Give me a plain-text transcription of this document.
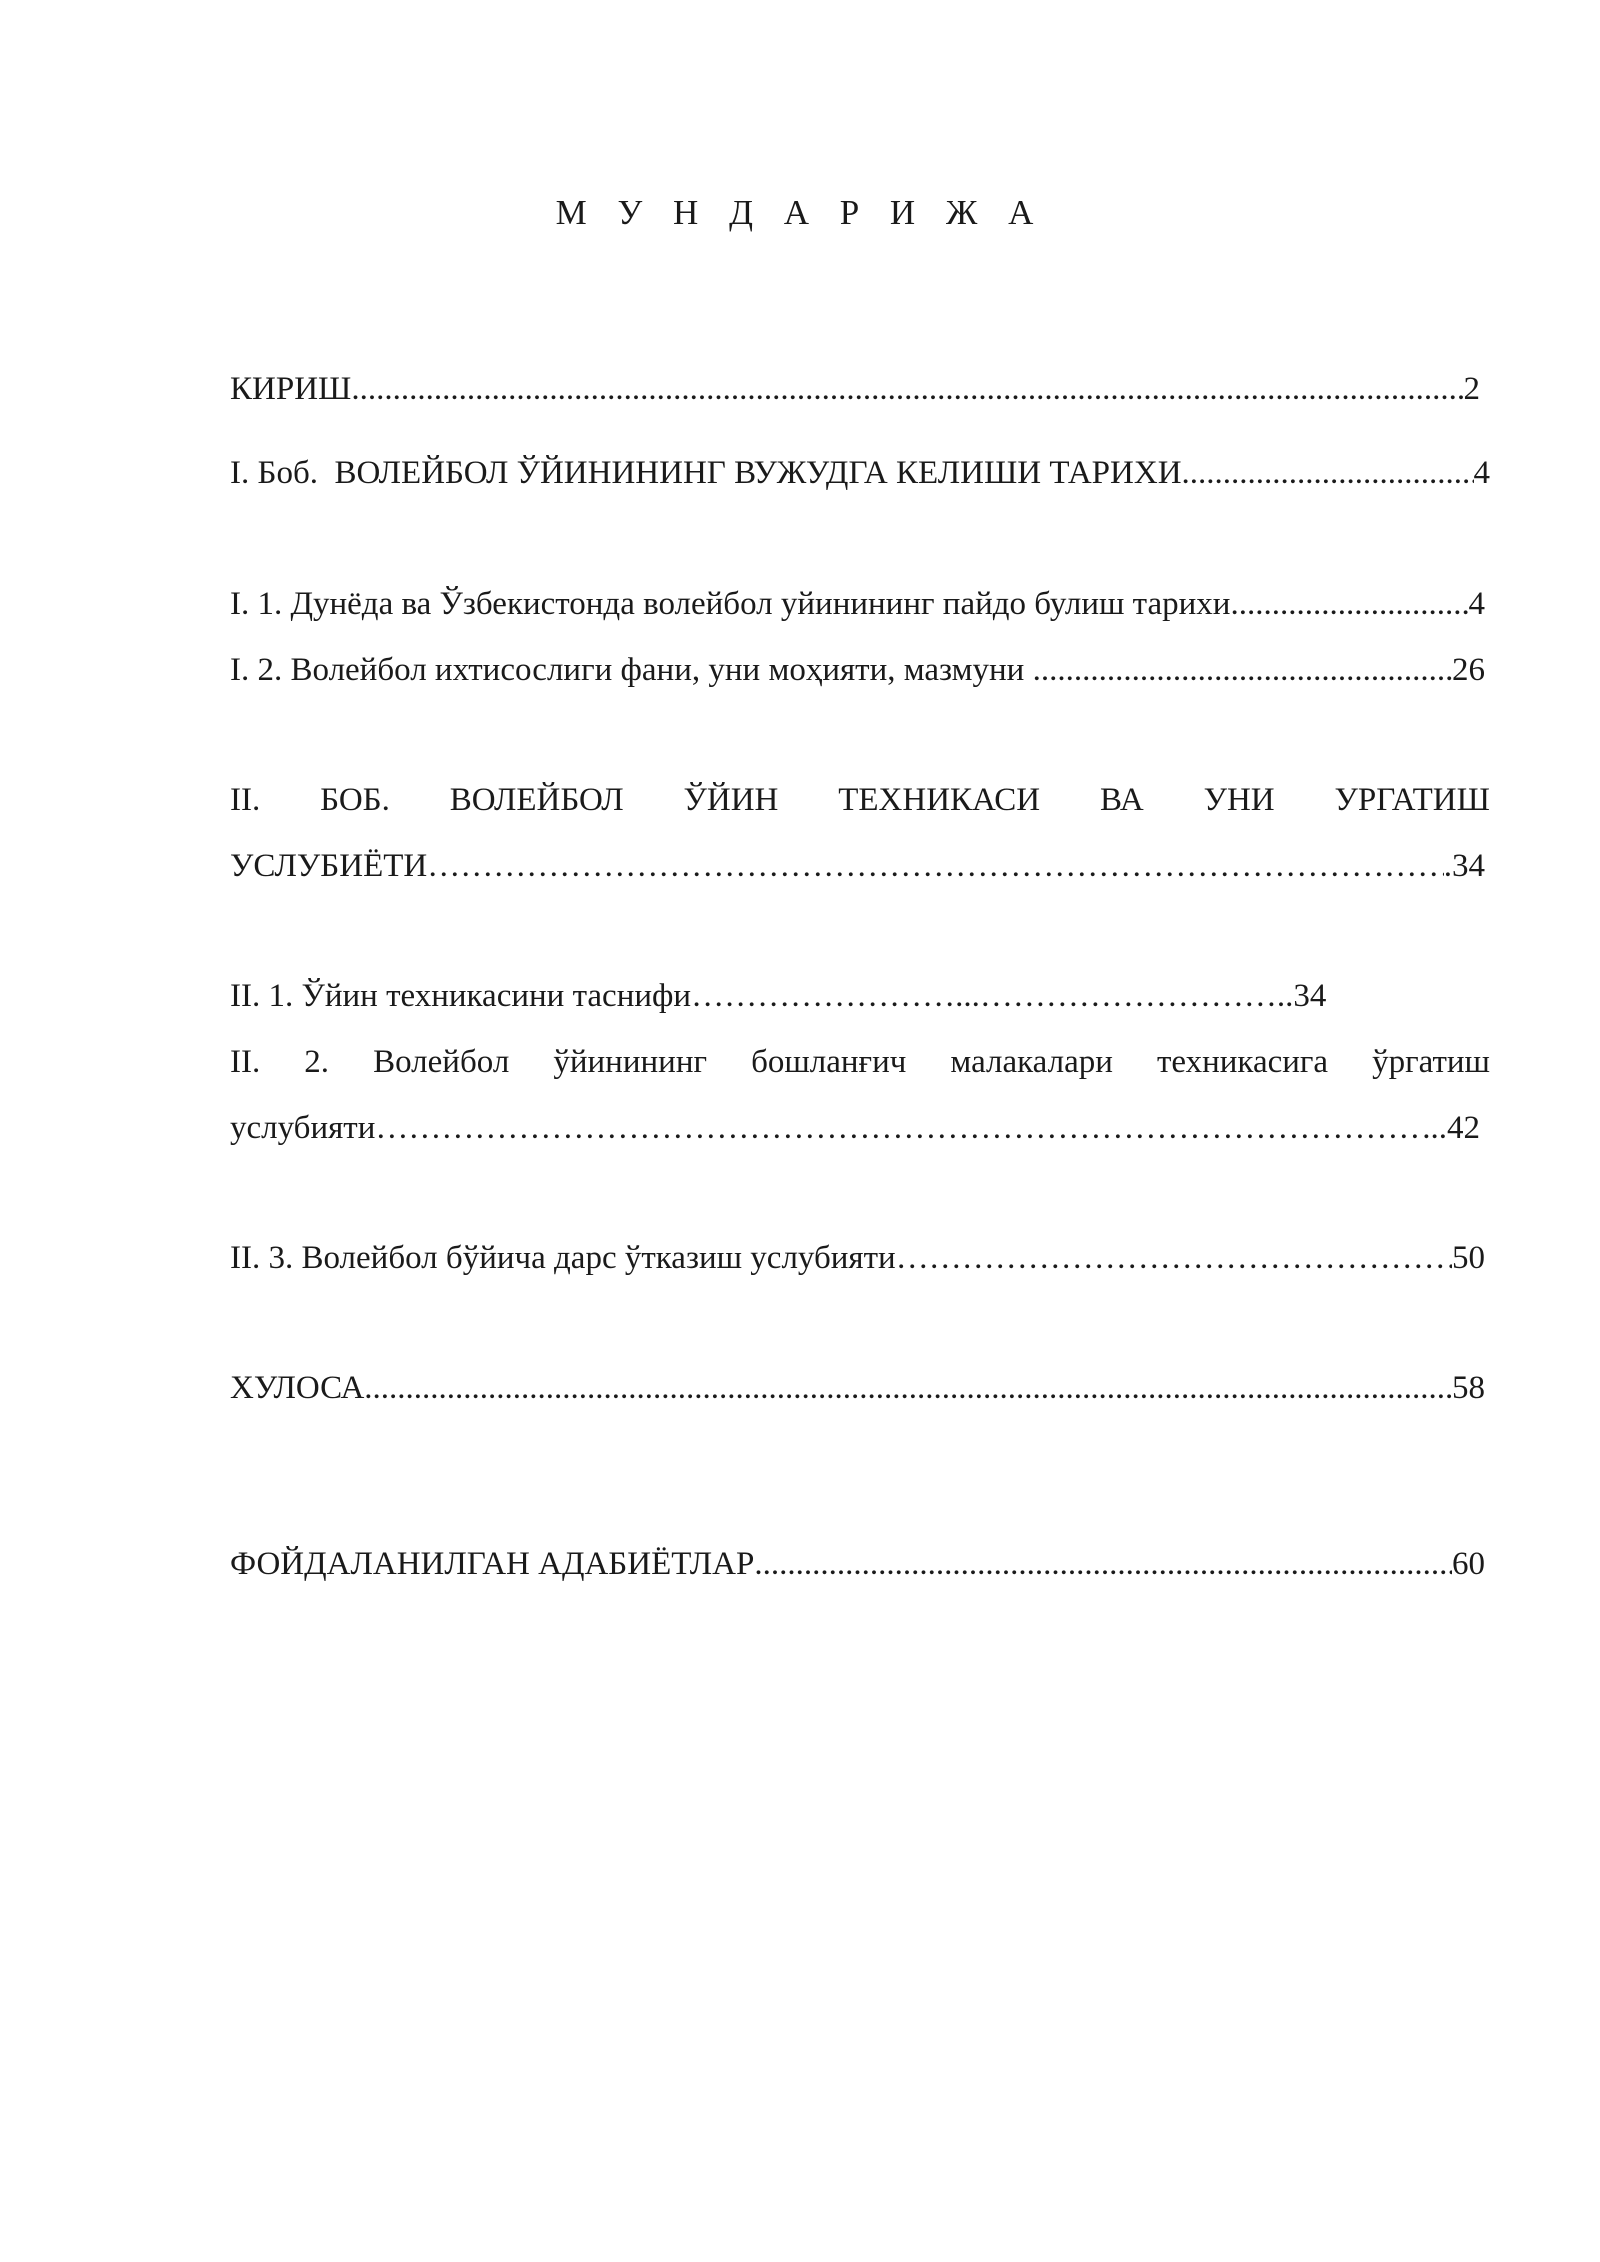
М У Н Д А Р И Ж А
КИРИШ .....	2
I. Боб.  ВОЛЕЙБОЛ ЎЙИНИНИНГ ВУЖУДГА КЕЛИШИ ТАРИХИ .....	4
I. 1. Дунёда ва Ўзбекистонда волейбол уйинининг пайдо булиш тарихи .....	4
I. 2. Волейбол ихтисослиги фани, уни моҳияти, мазмуни .....	26
II. БОБ. ВОЛЕЙБОЛ ЎЙИН ТЕХНИКАСИ ВА УНИ УРГАТИШ
УСЛУБИЁТИ ………………………………………………………………………………………………………………………………………………………………………………	.34
II. 1. Ўйин техникасини таснифи ……………………...……………………….. 34
II. 2. Волейбол ўйинининг бошланғич малакалари техникасига ўргатиш
услубияти ………………………………………………………………………………………………………………………………………………………………………………	...42
II. 3. Волейбол бўйича дарс ўтказиш услубияти ………………………………………………………………………………………………………………………………………………………………………………	50
ХУЛОСА .....	58
ФОЙДАЛАНИЛГАН АДАБИЁТЛАР .....	60
